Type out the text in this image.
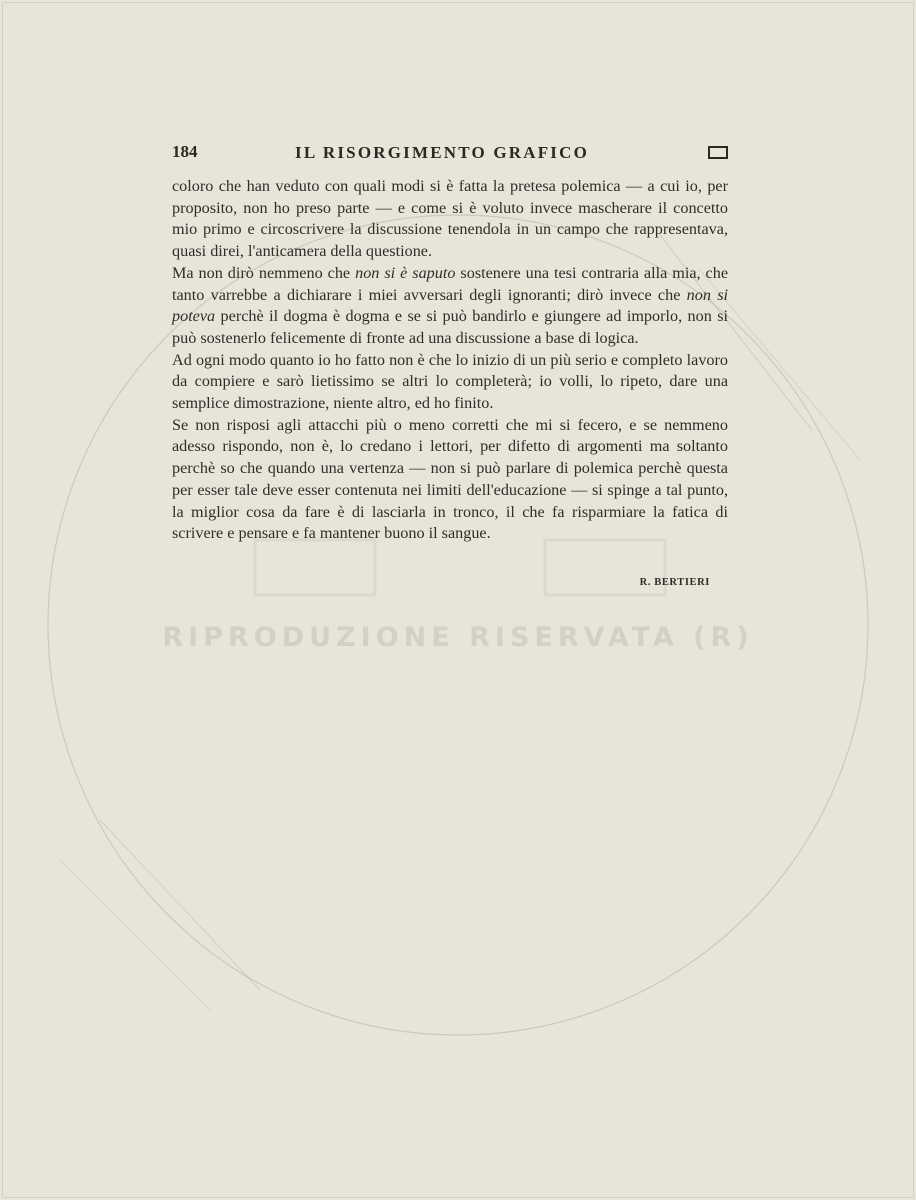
RIPRODUZIONE RISERVATA (R)
184	IL RISORGIMENTO GRAFICO

coloro che han veduto con quali modi si è fatta la pretesa polemica — a cui io, per proposito, non ho preso parte — e come si è voluto invece mascherare il concetto mio primo e circoscrivere la discussione tenendola in un campo che rappresentava, quasi direi, l'anticamera della questione.

Ma non dirò nemmeno che non si è saputo sostenere una tesi contraria alla mia, che tanto varrebbe a dichiarare i miei avversari degli ignoranti; dirò invece che non si poteva perchè il dogma è dogma e se si può bandirlo e giungere ad imporlo, non si può sostenerlo felicemente di fronte ad una discussione a base di logica.

Ad ogni modo quanto io ho fatto non è che lo inizio di un più serio e completo lavoro da compiere e sarò lietissimo se altri lo completerà; io volli, lo ripeto, dare una semplice dimostrazione, niente altro, ed ho finito.

Se non risposi agli attacchi più o meno corretti che mi si fecero, e se nemmeno adesso rispondo, non è, lo credano i lettori, per difetto di argomenti ma soltanto perchè so che quando una vertenza — non si può parlare di polemica perchè questa per esser tale deve esser contenuta nei limiti dell'educazione — si spinge a tal punto, la miglior cosa da fare è di lasciarla in tronco, il che fa risparmiare la fatica di scrivere e pensare e fa mantener buono il sangue.

R. BERTIERI
